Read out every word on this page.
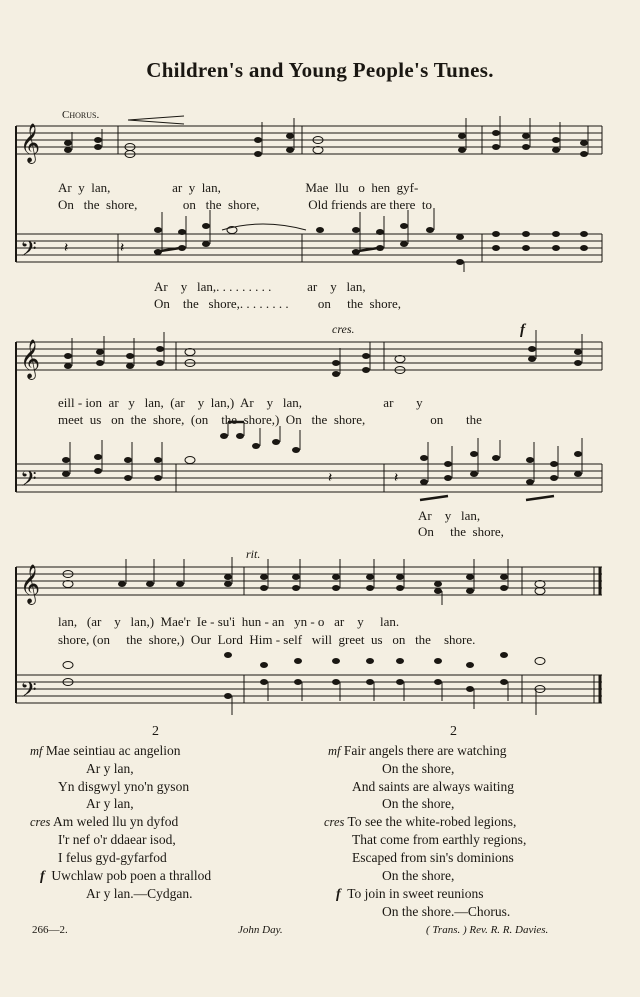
Children's and Young People's Tunes.
Chorus.
𝄞
𝄢	𝄽
𝄽
Ar  y  lan,                   ar  y  lan,                          Mae  llu   o  hen  gyf-
On   the  shore,              on   the  shore,               Old friends are there  to
Ar    y   lan,. . . . . . . . .           ar    y   lan,
On    the   shore,. . . . . . . .         on     the  shore,
cres.	f
𝄞
𝄢	𝄽	𝄽
eill - ion  ar   y   lan,  (ar    y  lan,)  Ar    y   lan,                         ar       y
meet  us   on  the  shore,  (on    the  shore,)  On   the  shore,                    on       the
Ar    y   lan,
On     the  shore,
rit.
𝄞
𝄢
lan,   (ar    y   lan,)  Mae'r  Ie - su'i  hun - an   yn - o   ar    y     lan.
shore, (on     the  shore,)  Our  Lord  Him - self   will  greet  us   on   the    shore.
2	2
mf Mae seintiau ac angelion
Ar y lan,
Yn disgwyl yno'n gyson
Ar y lan,
cres Am weled llu yn dyfod
I'r nef o'r ddaear isod,
I felus gyd-gyfarfod
f Uwchlaw pob poen a thrallod
Ar y lan.—Cydgan.
mf Fair angels there are watching
On the shore,
And saints are always waiting
On the shore,
cres To see the white-robed legions,
That come from earthly regions,
Escaped from sin's dominions
On the shore,
f To join in sweet reunions
On the shore.—Chorus.
266—2.	John Day.	( Trans. ) Rev. R. R. Davies.
